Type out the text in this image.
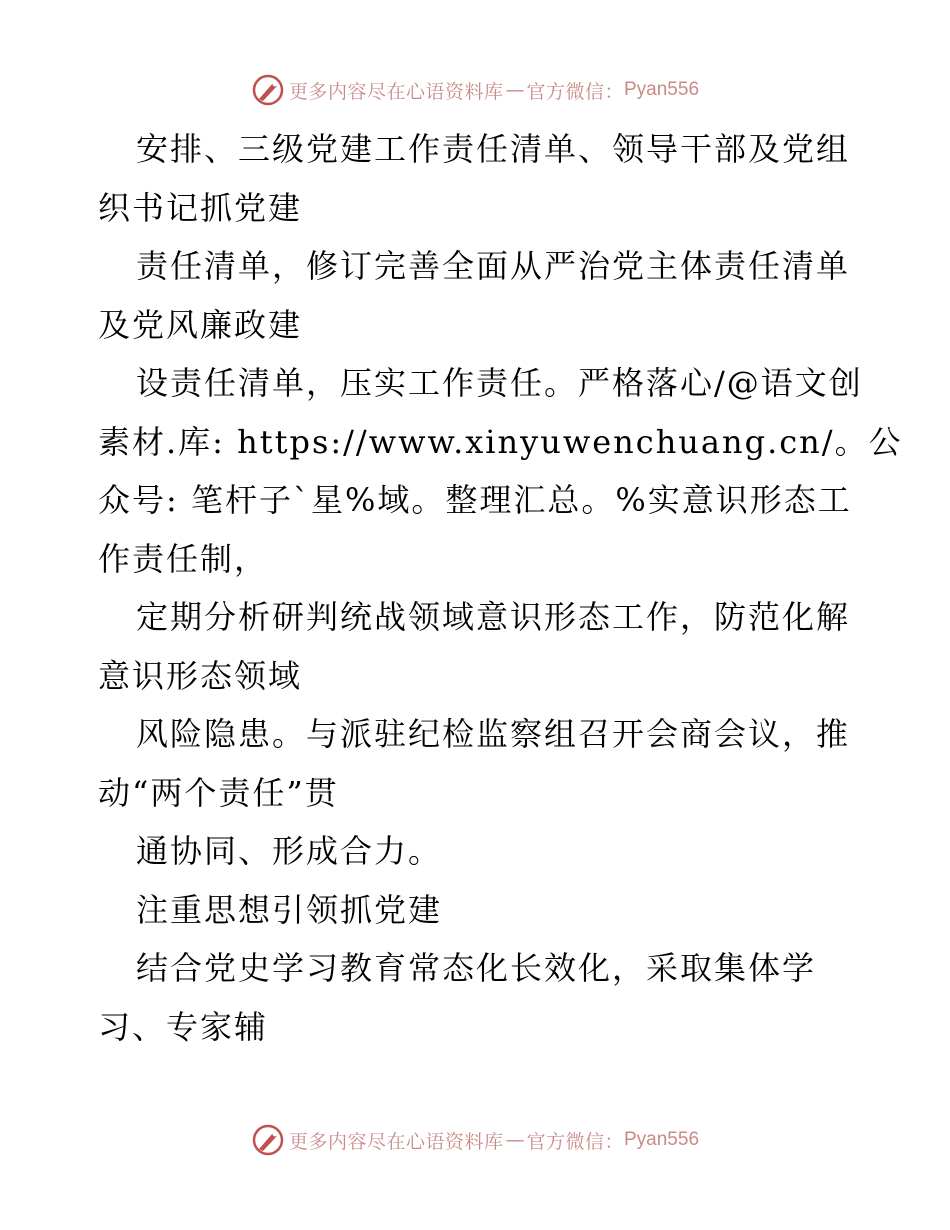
更多内容尽在心语资料库 — 官方微信： Pyan556
安排、三级党建工作责任清单、领导干部及党组
织书记抓党建
责任清单，修订完善全面从严治党主体责任清单
及党风廉政建
设责任清单，压实工作责任。严格落心/@语文创
素材.库: https://www.xinyuwenchuang.cn/。公
众号: 笔杆子`星%域。整理汇总。%实意识形态工
作责任制，
定期分析研判统战领域意识形态工作，防范化解
意识形态领域
风险隐患。与派驻纪检监察组召开会商会议，推
动“两个责任”贯
通协同、形成合力。
注重思想引领抓党建
结合党史学习教育常态化长效化，采取集体学
习、专家辅
更多内容尽在心语资料库 — 官方微信： Pyan556
